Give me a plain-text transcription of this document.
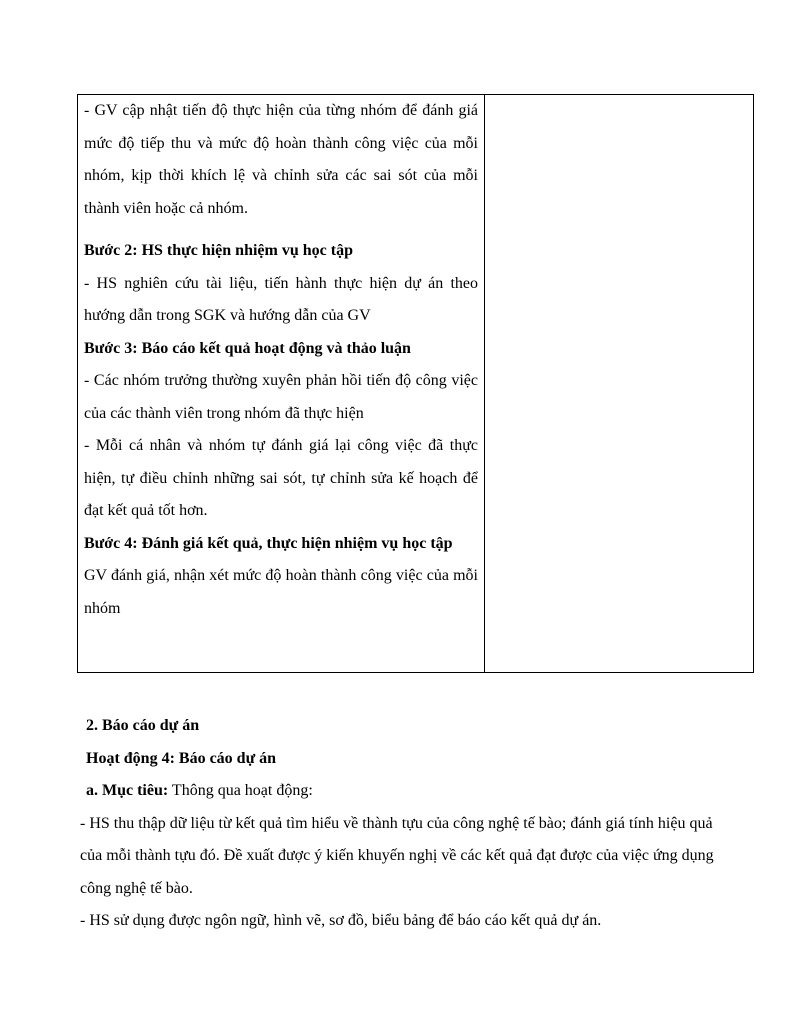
- GV cập nhật tiến độ thực hiện của từng nhóm để đánh giá mức độ tiếp thu và mức độ hoàn thành công việc của mỗi nhóm, kịp thời khích lệ và chỉnh sửa các sai sót của mỗi thành viên hoặc cả nhóm.

Bước 2: HS thực hiện nhiệm vụ học tập

- HS nghiên cứu tài liệu, tiến hành thực hiện dự án theo hướng dẫn trong SGK và hướng dẫn của GV

Bước 3: Báo cáo kết quả hoạt động và thảo luận

- Các nhóm trưởng thường xuyên phản hồi tiến độ công việc của các thành viên trong nhóm đã thực hiện

- Mỗi cá nhân và nhóm tự đánh giá lại công việc đã thực hiện, tự điều chỉnh những sai sót, tự chỉnh sửa kế hoạch để đạt kết quả tốt hơn.

Bước 4: Đánh giá kết quả, thực hiện nhiệm vụ học tập

GV đánh giá, nhận xét mức độ hoàn thành công việc của mỗi nhóm

2. Báo cáo dự án

Hoạt động 4: Báo cáo dự án

a. Mục tiêu: Thông qua hoạt động:

- HS thu thập dữ liệu từ kết quả tìm hiểu về thành tựu của công nghệ tế bào; đánh giá tính hiệu quả của mỗi thành tựu đó. Đề xuất được ý kiến khuyến nghị về các kết quả đạt được của việc ứng dụng công nghệ tế bào.

- HS sử dụng được ngôn ngữ, hình vẽ, sơ đồ, biểu bảng để báo cáo kết quả dự án.
